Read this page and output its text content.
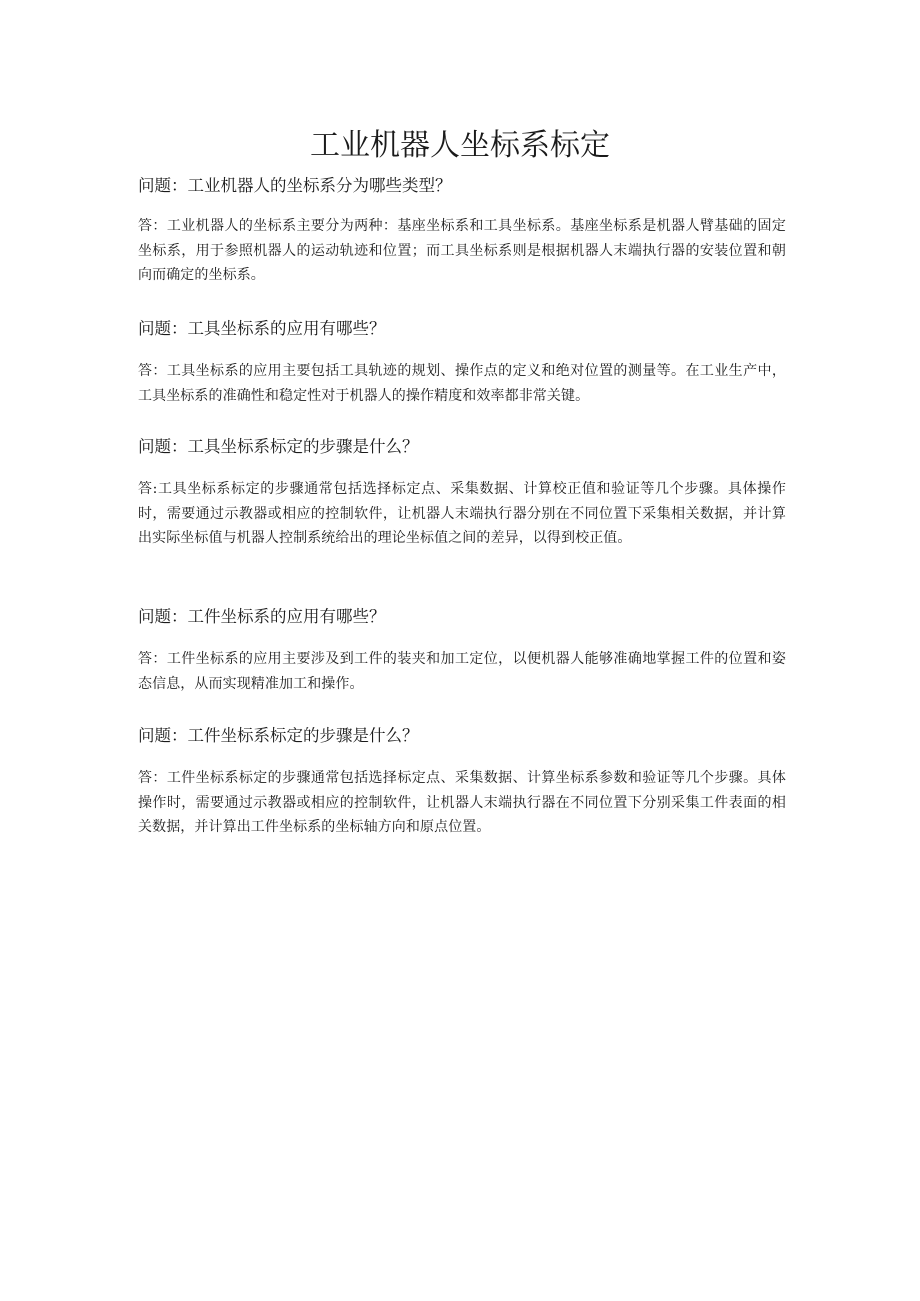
工业机器人坐标系标定

问题：工业机器人的坐标系分为哪些类型？

答：工业机器人的坐标系主要分为两种：基座坐标系和工具坐标系。基座坐标系是机器人臂基础的固定坐标系，用于参照机器人的运动轨迹和位置；而工具坐标系则是根据机器人末端执行器的安装位置和朝向而确定的坐标系。

问题：工具坐标系的应用有哪些？

答：工具坐标系的应用主要包括工具轨迹的规划、操作点的定义和绝对位置的测量等。在工业生产中，工具坐标系的准确性和稳定性对于机器人的操作精度和效率都非常关键。

问题：工具坐标系标定的步骤是什么？

答:工具坐标系标定的步骤通常包括选择标定点、采集数据、计算校正值和验证等几个步骤。具体操作时，需要通过示教器或相应的控制软件，让机器人末端执行器分别在不同位置下采集相关数据，并计算出实际坐标值与机器人控制系统给出的理论坐标值之间的差异，以得到校正值。

问题：工件坐标系的应用有哪些？

答：工件坐标系的应用主要涉及到工件的装夹和加工定位，以便机器人能够准确地掌握工件的位置和姿态信息，从而实现精准加工和操作。

问题：工件坐标系标定的步骤是什么？

答：工件坐标系标定的步骤通常包括选择标定点、采集数据、计算坐标系参数和验证等几个步骤。具体操作时，需要通过示教器或相应的控制软件，让机器人末端执行器在不同位置下分别采集工件表面的相关数据，并计算出工件坐标系的坐标轴方向和原点位置。
